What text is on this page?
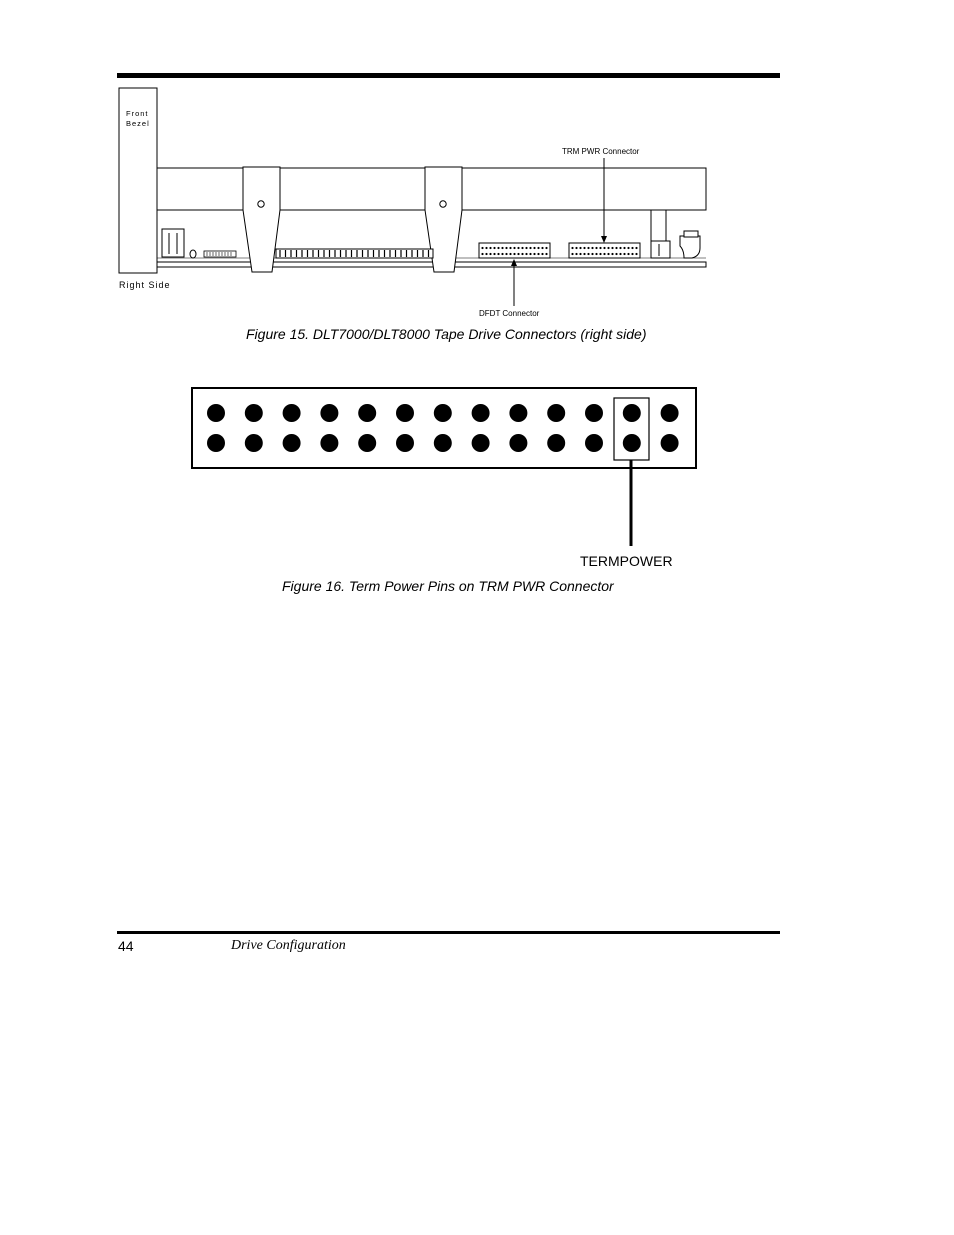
Front
Bezel
Right Side
TRM PWR Connector
DFDT Connector
Figure 15. DLT7000/DLT8000 Tape Drive Connectors (right side)
TERMPOWER
Figure 16. Term Power Pins on TRM PWR Connector
44	Drive Configuration
